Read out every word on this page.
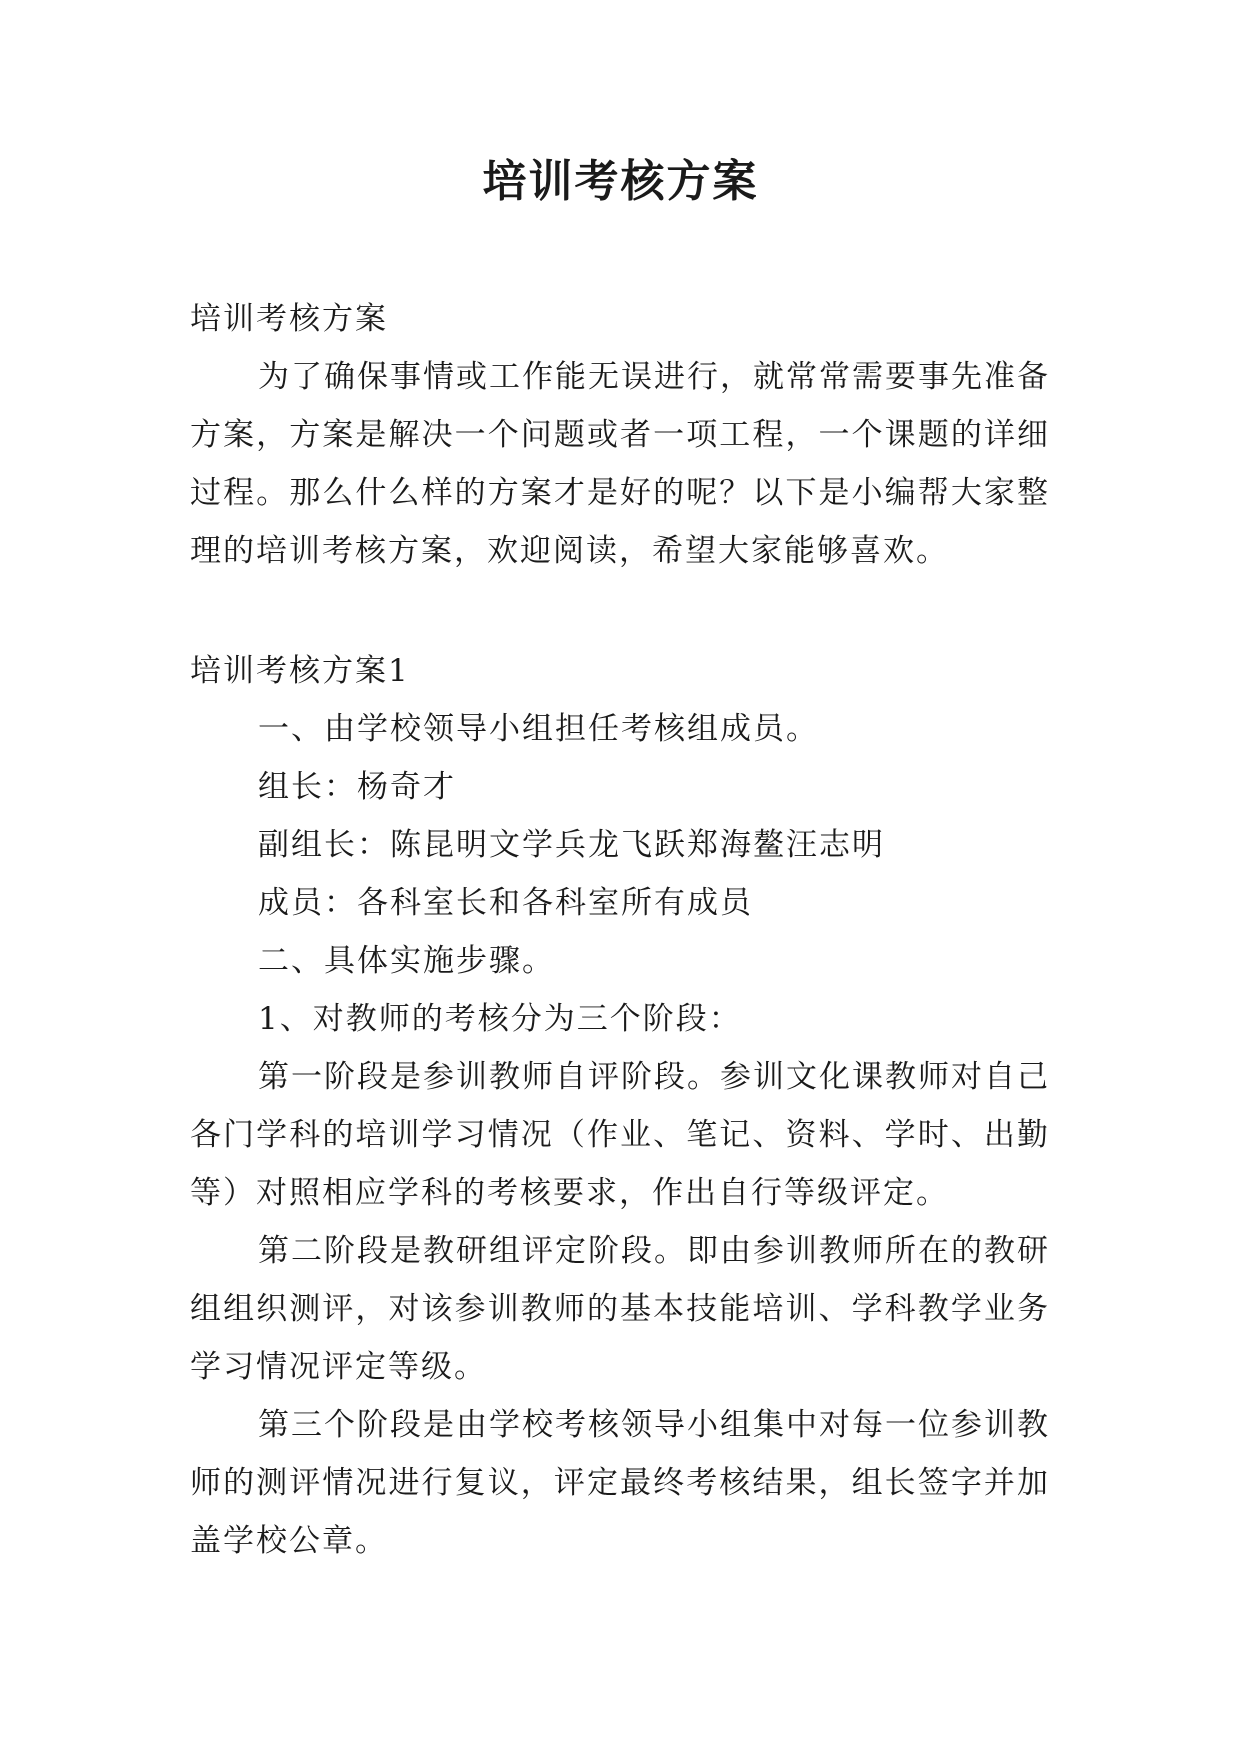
培训考核方案

培训考核方案

为了确保事情或工作能无误进行，就常常需要事先准备方案，方案是解决一个问题或者一项工程，一个课题的详细过程。那么什么样的方案才是好的呢？以下是小编帮大家整理的培训考核方案，欢迎阅读，希望大家能够喜欢。

培训考核方案1

一、由学校领导小组担任考核组成员。

组长：杨奇才

副组长：陈昆明文学兵龙飞跃郑海鳌汪志明

成员：各科室长和各科室所有成员

二、具体实施步骤。

1、对教师的考核分为三个阶段：

第一阶段是参训教师自评阶段。参训文化课教师对自己各门学科的培训学习情况（作业、笔记、资料、学时、出勤等）对照相应学科的考核要求，作出自行等级评定。

第二阶段是教研组评定阶段。即由参训教师所在的教研组组织测评，对该参训教师的基本技能培训、学科教学业务学习情况评定等级。

第三个阶段是由学校考核领导小组集中对每一位参训教师的测评情况进行复议，评定最终考核结果，组长签字并加盖学校公章。
